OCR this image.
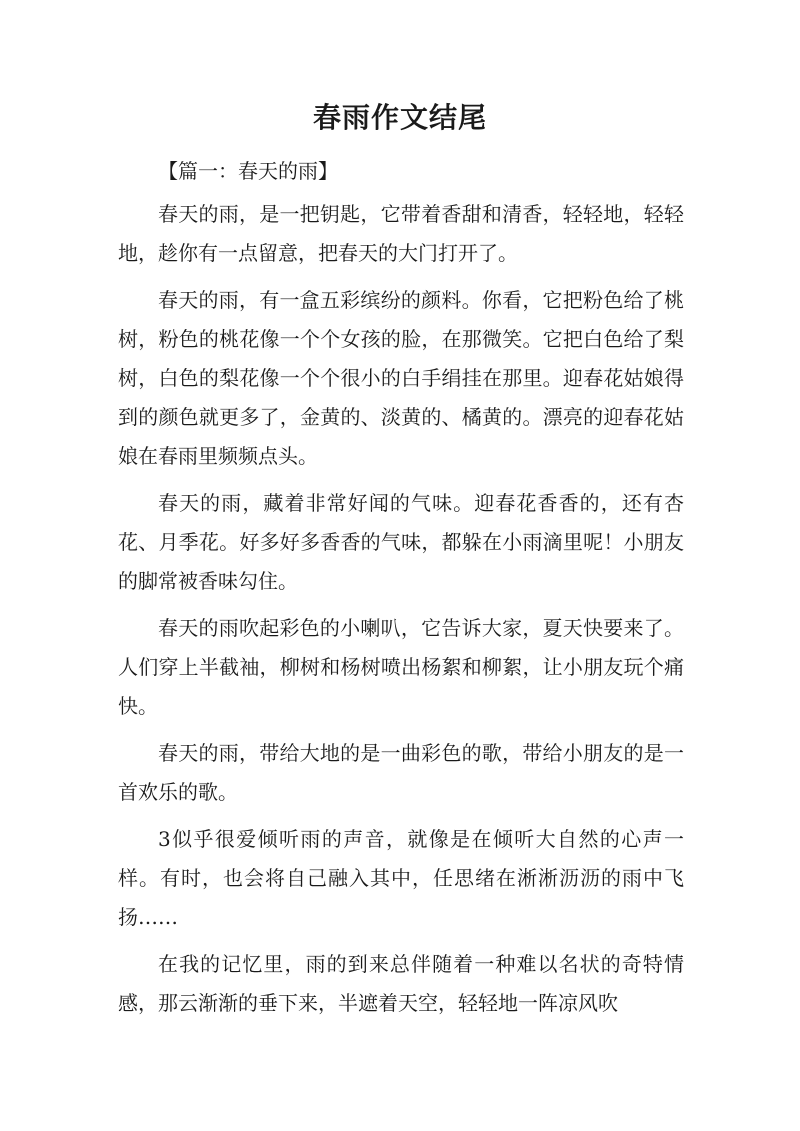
春雨作文结尾

【篇一：春天的雨】

春天的雨，是一把钥匙，它带着香甜和清香，轻轻地，轻轻地，趁你有一点留意，把春天的大门打开了。

春天的雨，有一盒五彩缤纷的颜料。你看，它把粉色给了桃树，粉色的桃花像一个个女孩的脸，在那微笑。它把白色给了梨树，白色的梨花像一个个很小的白手绢挂在那里。迎春花姑娘得到的颜色就更多了，金黄的、淡黄的、橘黄的。漂亮的迎春花姑娘在春雨里频频点头。

春天的雨，藏着非常好闻的气味。迎春花香香的，还有杏花、月季花。好多好多香香的气味，都躲在小雨滴里呢！小朋友的脚常被香味勾住。

春天的雨吹起彩色的小喇叭，它告诉大家，夏天快要来了。人们穿上半截袖，柳树和杨树喷出杨絮和柳絮，让小朋友玩个痛快。

春天的雨，带给大地的是一曲彩色的歌，带给小朋友的是一首欢乐的歌。

3似乎很爱倾听雨的声音，就像是在倾听大自然的心声一样。有时，也会将自己融入其中，任思绪在淅淅沥沥的雨中飞扬……

在我的记忆里，雨的到来总伴随着一种难以名状的奇特情感，那云渐渐的垂下来，半遮着天空，轻轻地一阵凉风吹
